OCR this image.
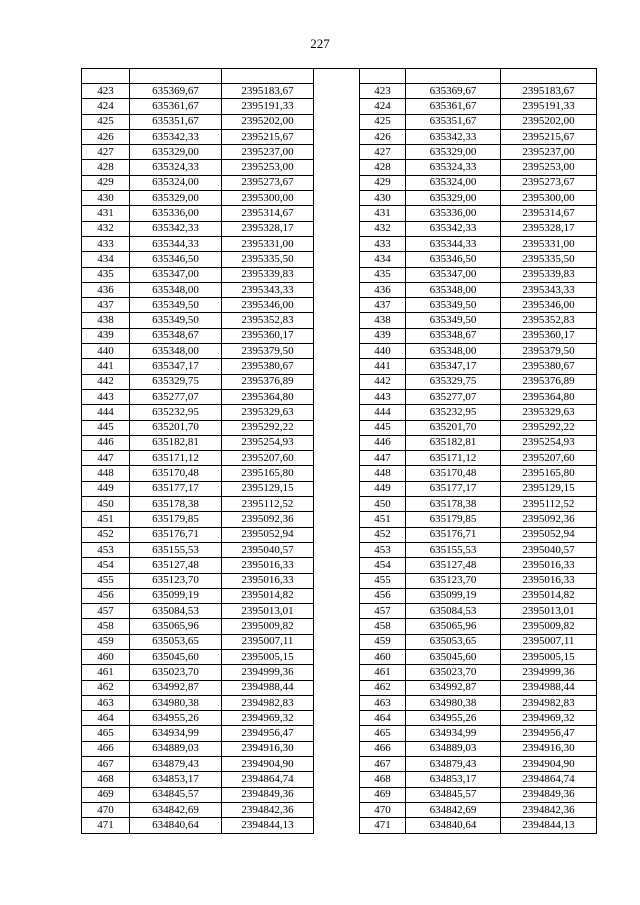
227

423	635369,67	2395183,67		423	635369,67	2395183,67
424	635361,67	2395191,33		424	635361,67	2395191,33
425	635351,67	2395202,00		425	635351,67	2395202,00
426	635342,33	2395215,67		426	635342,33	2395215,67
427	635329,00	2395237,00		427	635329,00	2395237,00
428	635324,33	2395253,00		428	635324,33	2395253,00
429	635324,00	2395273,67		429	635324,00	2395273,67
430	635329,00	2395300,00		430	635329,00	2395300,00
431	635336,00	2395314,67		431	635336,00	2395314,67
432	635342,33	2395328,17		432	635342,33	2395328,17
433	635344,33	2395331,00		433	635344,33	2395331,00
434	635346,50	2395335,50		434	635346,50	2395335,50
435	635347,00	2395339,83		435	635347,00	2395339,83
436	635348,00	2395343,33		436	635348,00	2395343,33
437	635349,50	2395346,00		437	635349,50	2395346,00
438	635349,50	2395352,83		438	635349,50	2395352,83
439	635348,67	2395360,17		439	635348,67	2395360,17
440	635348,00	2395379,50		440	635348,00	2395379,50
441	635347,17	2395380,67		441	635347,17	2395380,67
442	635329,75	2395376,89		442	635329,75	2395376,89
443	635277,07	2395364,80		443	635277,07	2395364,80
444	635232,95	2395329,63		444	635232,95	2395329,63
445	635201,70	2395292,22		445	635201,70	2395292,22
446	635182,81	2395254,93		446	635182,81	2395254,93
447	635171,12	2395207,60		447	635171,12	2395207,60
448	635170,48	2395165,80		448	635170,48	2395165,80
449	635177,17	2395129,15		449	635177,17	2395129,15
450	635178,38	2395112,52		450	635178,38	2395112,52
451	635179,85	2395092,36		451	635179,85	2395092,36
452	635176,71	2395052,94		452	635176,71	2395052,94
453	635155,53	2395040,57		453	635155,53	2395040,57
454	635127,48	2395016,33		454	635127,48	2395016,33
455	635123,70	2395016,33		455	635123,70	2395016,33
456	635099,19	2395014,82		456	635099,19	2395014,82
457	635084,53	2395013,01		457	635084,53	2395013,01
458	635065,96	2395009,82		458	635065,96	2395009,82
459	635053,65	2395007,11		459	635053,65	2395007,11
460	635045,60	2395005,15		460	635045,60	2395005,15
461	635023,70	2394999,36		461	635023,70	2394999,36
462	634992,87	2394988,44		462	634992,87	2394988,44
463	634980,38	2394982,83		463	634980,38	2394982,83
464	634955,26	2394969,32		464	634955,26	2394969,32
465	634934,99	2394956,47		465	634934,99	2394956,47
466	634889,03	2394916,30		466	634889,03	2394916,30
467	634879,43	2394904,90		467	634879,43	2394904,90
468	634853,17	2394864,74		468	634853,17	2394864,74
469	634845,57	2394849,36		469	634845,57	2394849,36
470	634842,69	2394842,36		470	634842,69	2394842,36
471	634840,64	2394844,13		471	634840,64	2394844,13
